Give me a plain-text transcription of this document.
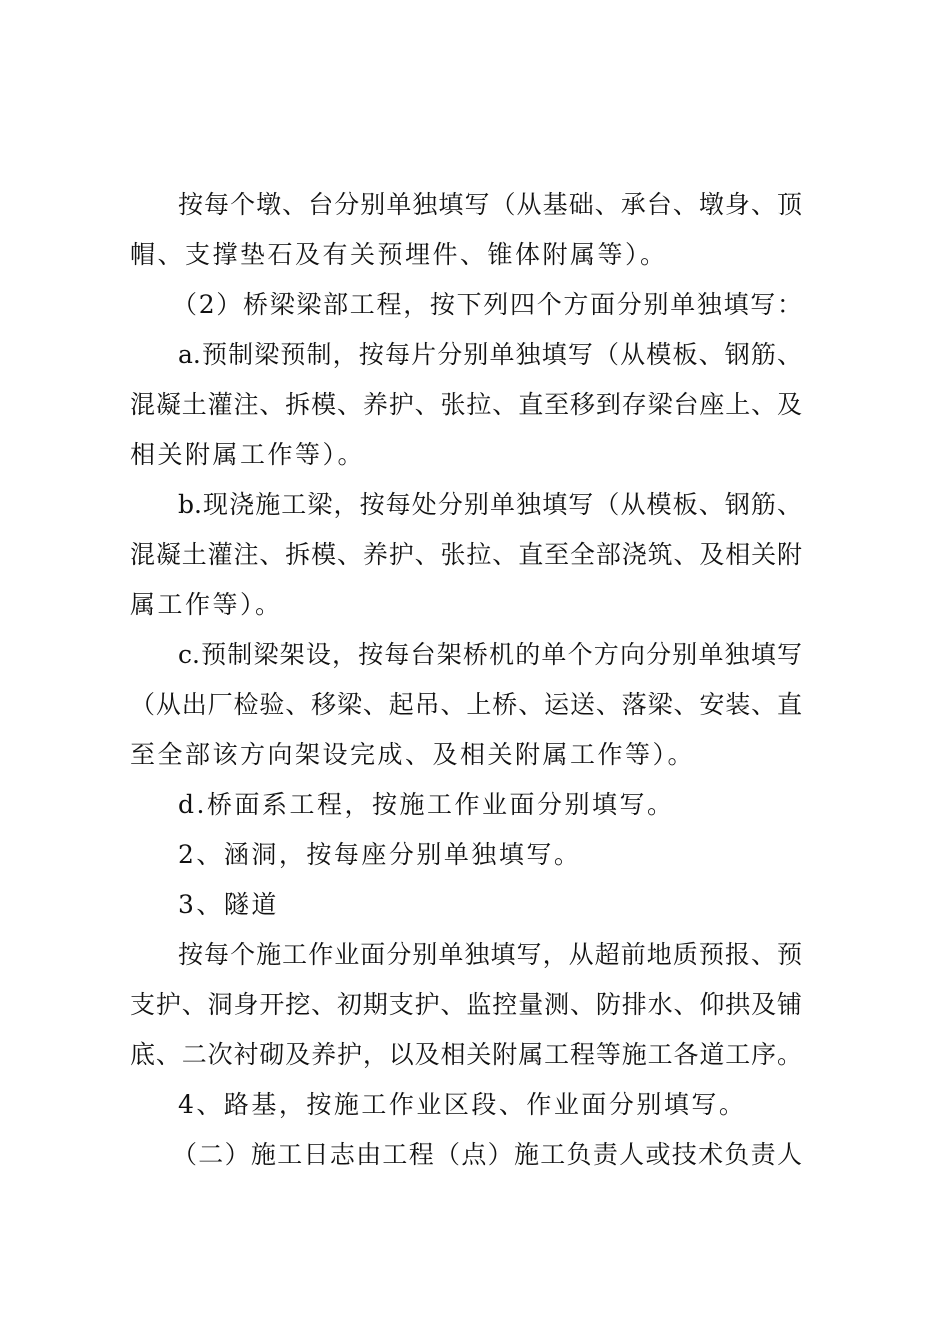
按每个墩、台分别单独填写（从基础、承台、墩身、顶
帽、支撑垫石及有关预埋件、锥体附属等）。
（2）桥梁梁部工程，按下列四个方面分别单独填写：
a.预制梁预制，按每片分别单独填写（从模板、钢筋、
混凝土灌注、拆模、养护、张拉、直至移到存梁台座上、及
相关附属工作等）。
b.现浇施工梁，按每处分别单独填写（从模板、钢筋、
混凝土灌注、拆模、养护、张拉、直至全部浇筑、及相关附
属工作等）。
c.预制梁架设，按每台架桥机的单个方向分别单独填写
（从出厂检验、移梁、起吊、上桥、运送、落梁、安装、直
至全部该方向架设完成、及相关附属工作等）。
d.桥面系工程，按施工作业面分别填写。
2、涵洞，按每座分别单独填写。
3、隧道
按每个施工作业面分别单独填写，从超前地质预报、预
支护、洞身开挖、初期支护、监控量测、防排水、仰拱及铺
底、二次衬砌及养护，以及相关附属工程等施工各道工序。
4、路基，按施工作业区段、作业面分别填写。
（二）施工日志由工程（点）施工负责人或技术负责人
